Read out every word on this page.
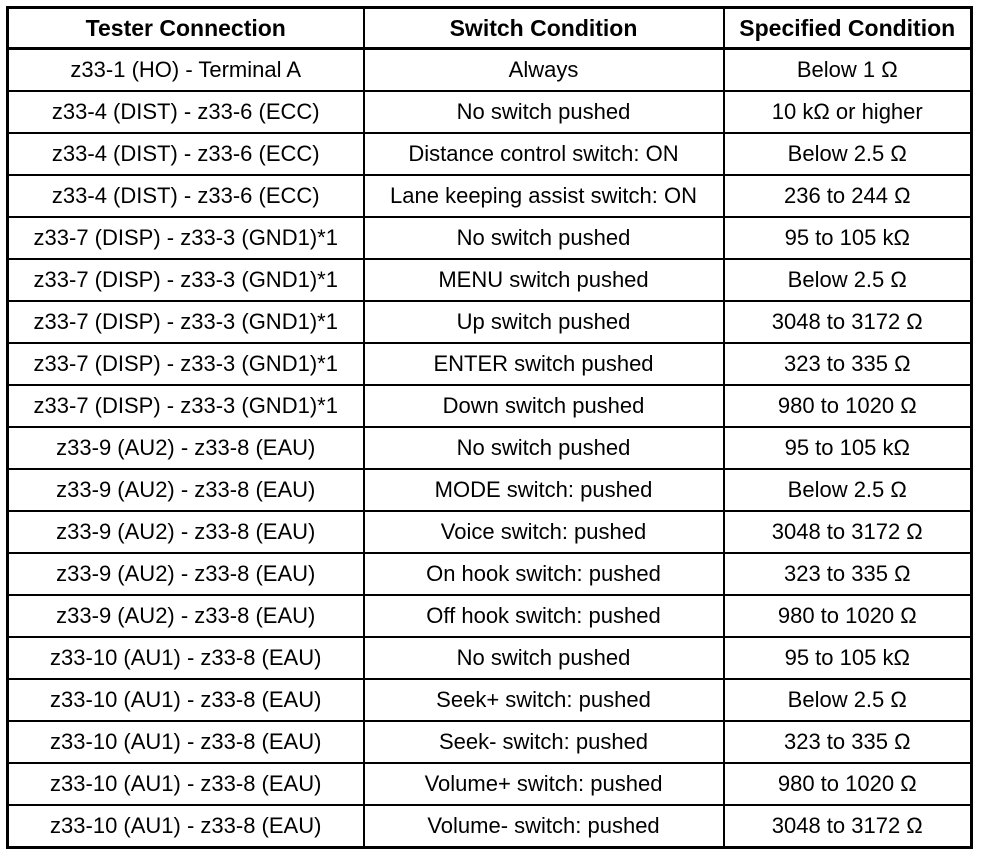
Tester Connection	Switch Condition	Specified Condition
z33-1 (HO) - Terminal A	Always	Below 1 Ω
z33-4 (DIST) - z33-6 (ECC)	No switch pushed	10 kΩ or higher
z33-4 (DIST) - z33-6 (ECC)	Distance control switch: ON	Below 2.5 Ω
z33-4 (DIST) - z33-6 (ECC)	Lane keeping assist switch: ON	236 to 244 Ω
z33-7 (DISP) - z33-3 (GND1)*1	No switch pushed	95 to 105 kΩ
z33-7 (DISP) - z33-3 (GND1)*1	MENU switch pushed	Below 2.5 Ω
z33-7 (DISP) - z33-3 (GND1)*1	Up switch pushed	3048 to 3172 Ω
z33-7 (DISP) - z33-3 (GND1)*1	ENTER switch pushed	323 to 335 Ω
z33-7 (DISP) - z33-3 (GND1)*1	Down switch pushed	980 to 1020 Ω
z33-9 (AU2) - z33-8 (EAU)	No switch pushed	95 to 105 kΩ
z33-9 (AU2) - z33-8 (EAU)	MODE switch: pushed	Below 2.5 Ω
z33-9 (AU2) - z33-8 (EAU)	Voice switch: pushed	3048 to 3172 Ω
z33-9 (AU2) - z33-8 (EAU)	On hook switch: pushed	323 to 335 Ω
z33-9 (AU2) - z33-8 (EAU)	Off hook switch: pushed	980 to 1020 Ω
z33-10 (AU1) - z33-8 (EAU)	No switch pushed	95 to 105 kΩ
z33-10 (AU1) - z33-8 (EAU)	Seek+ switch: pushed	Below 2.5 Ω
z33-10 (AU1) - z33-8 (EAU)	Seek- switch: pushed	323 to 335 Ω
z33-10 (AU1) - z33-8 (EAU)	Volume+ switch: pushed	980 to 1020 Ω
z33-10 (AU1) - z33-8 (EAU)	Volume- switch: pushed	3048 to 3172 Ω
